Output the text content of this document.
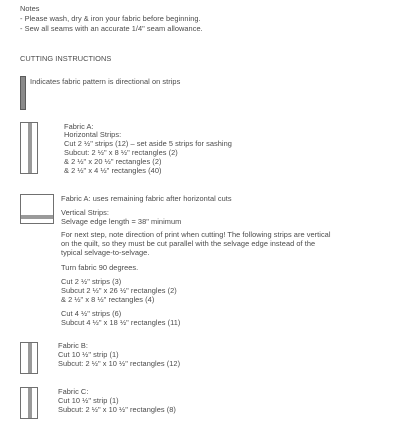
Notes
- Please wash, dry & iron your fabric before beginning.
- Sew all seams with an accurate 1/4" seam allowance.
CUTTING INSTRUCTIONS
Indicates fabric pattern is directional on strips
Fabric A:
Horizontal Strips:
Cut 2 ½" strips (12) – set aside 5 strips for sashing
Subcut: 2 ½" x 8 ½" rectangles (2)
& 2 ½" x 20 ½" rectangles (2)
& 2 ½" x 4 ½" rectangles (40)
Fabric A: uses remaining fabric after horizontal cuts
Vertical Strips:
Selvage edge length = 38" minimum
For next step, note direction of print when cutting! The following strips are vertical
on the quilt, so they must be cut parallel with the selvage edge instead of the
typical selvage-to-selvage.
Turn fabric 90 degrees.
Cut 2 ½" strips (3)
Subcut 2 ½" x 26 ½" rectangles (2)
& 2 ½" x 8 ½" rectangles (4)
Cut 4 ½" strips (6)
Subcut 4 ½" x 18 ½" rectangles (11)
Fabric B:
Cut 10 ½" strip (1)
Subcut: 2 ½" x 10 ½" rectangles (12)
Fabric C:
Cut 10 ½" strip (1)
Subcut: 2 ½" x 10 ½" rectangles (8)
